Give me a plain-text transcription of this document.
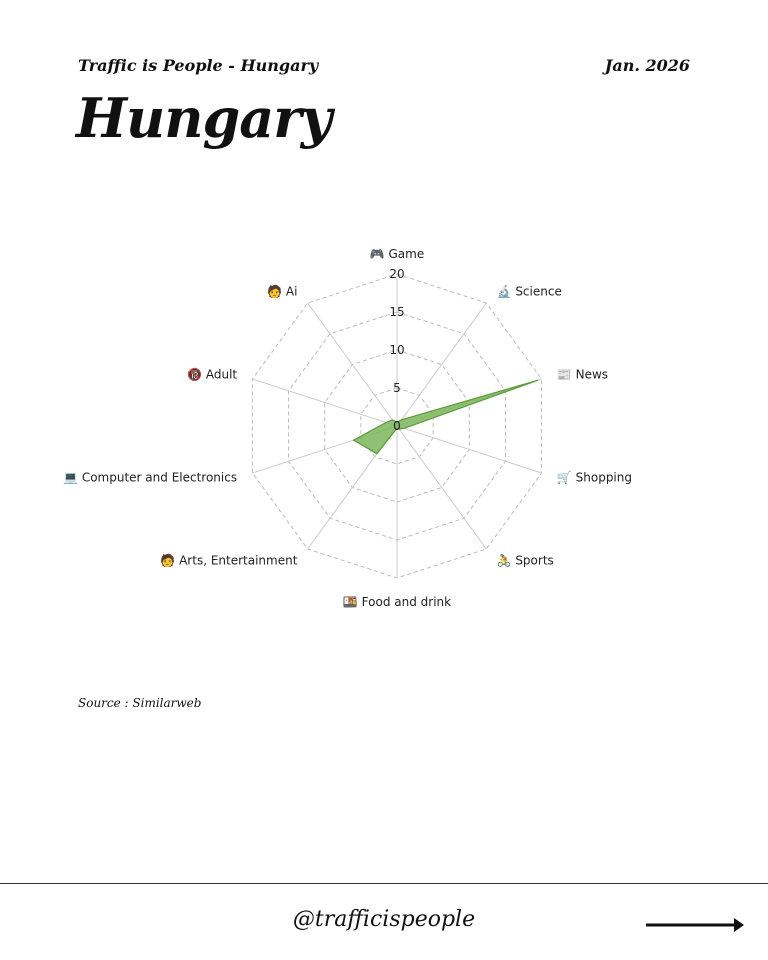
Traffic is People - Hungary	Jan. 2026
Hungary
0
5
10
15
20
🎮 Game
🔬 Science
📰 News
🛒 Shopping
🚴 Sports
🍱 Food and drink
🧑 Arts, Entertainment
💻 Computer and Electronics
🔞 Adult
🧑 Ai
Source : Similarweb
@trafficispeople
